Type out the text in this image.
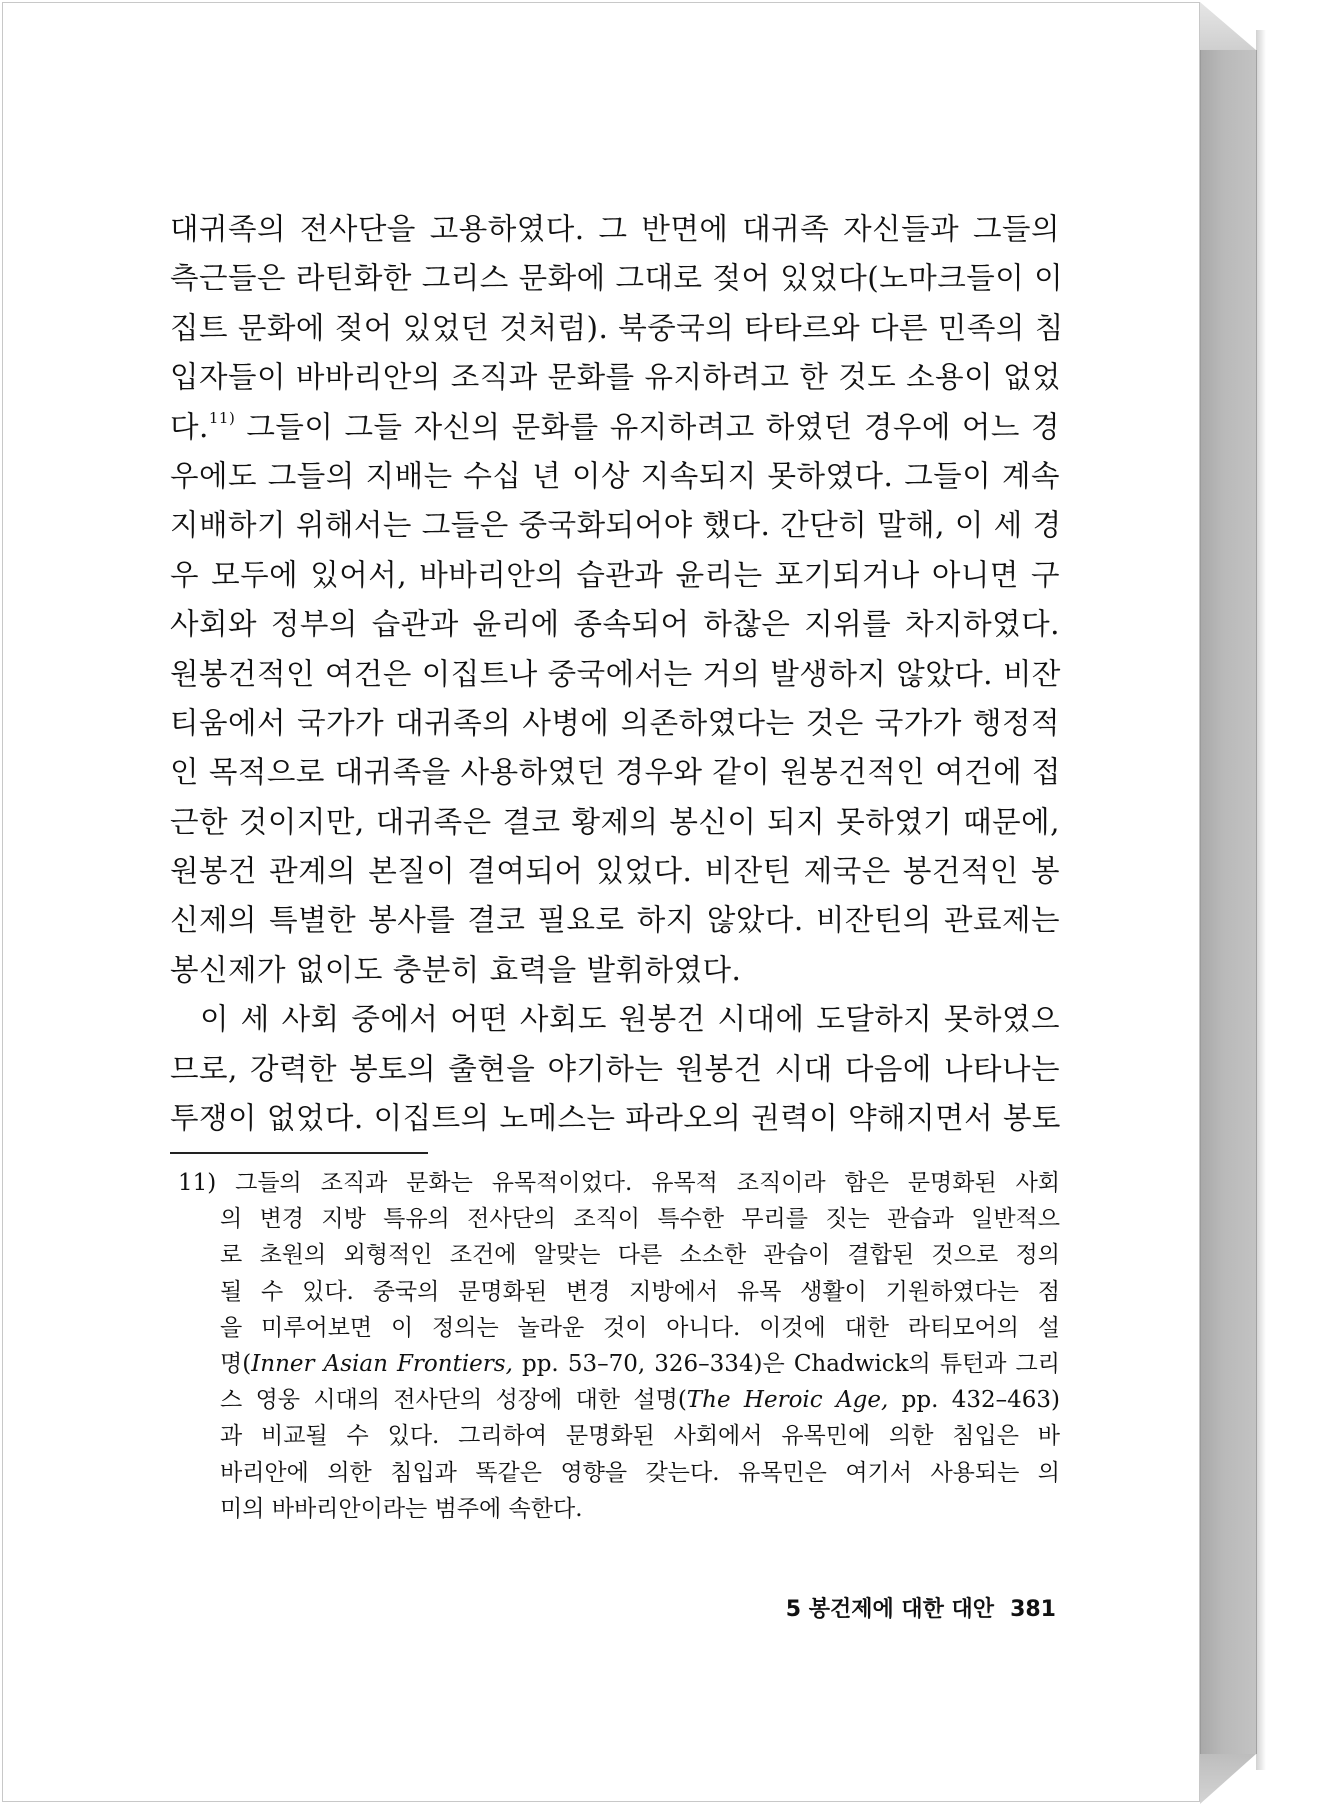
대귀족의 전사단을 고용하였다. 그 반면에 대귀족 자신들과 그들의
측근들은 라틴화한 그리스 문화에 그대로 젖어 있었다(노마크들이 이
집트 문화에 젖어 있었던 것처럼). 북중국의 타타르와 다른 민족의 침
입자들이 바바리안의 조직과 문화를 유지하려고 한 것도 소용이 없었
다.$^{11)}$ 그들이 그들 자신의 문화를 유지하려고 하였던 경우에 어느 경
우에도 그들의 지배는 수십 년 이상 지속되지 못하였다. 그들이 계속
지배하기 위해서는 그들은 중국화되어야 했다. 간단히 말해, 이 세 경
우 모두에 있어서, 바바리안의 습관과 윤리는 포기되거나 아니면 구
사회와 정부의 습관과 윤리에 종속되어 하찮은 지위를 차지하였다.
원봉건적인 여건은 이집트나 중국에서는 거의 발생하지 않았다. 비잔
티움에서 국가가 대귀족의 사병에 의존하였다는 것은 국가가 행정적
인 목적으로 대귀족을 사용하였던 경우와 같이 원봉건적인 여건에 접
근한 것이지만, 대귀족은 결코 황제의 봉신이 되지 못하였기 때문에,
원봉건 관계의 본질이 결여되어 있었다. 비잔틴 제국은 봉건적인 봉
신제의 특별한 봉사를 결코 필요로 하지 않았다. 비잔틴의 관료제는
봉신제가 없이도 충분히 효력을 발휘하였다.
이 세 사회 중에서 어떤 사회도 원봉건 시대에 도달하지 못하였으
므로, 강력한 봉토의 출현을 야기하는 원봉건 시대 다음에 나타나는
투쟁이 없었다. 이집트의 노메스는 파라오의 권력이 약해지면서 봉토
11) 그들의 조직과 문화는 유목적이었다. 유목적 조직이라 함은 문명화된 사회
의 변경 지방 특유의 전사단의 조직이 특수한 무리를 짓는 관습과 일반적으
로 초원의 외형적인 조건에 알맞는 다른 소소한 관습이 결합된 것으로 정의
될 수 있다. 중국의 문명화된 변경 지방에서 유목 생활이 기원하였다는 점
을 미루어보면 이 정의는 놀라운 것이 아니다. 이것에 대한 라티모어의 설
명(Inner Asian Frontiers, pp. 53–70, 326–334)은 Chadwick의 튜턴과 그리
스 영웅 시대의 전사단의 성장에 대한 설명(The Heroic Age, pp. 432–463)
과 비교될 수 있다. 그리하여 문명화된 사회에서 유목민에 의한 침입은 바
바리안에 의한 침입과 똑같은 영향을 갖는다. 유목민은 여기서 사용되는 의
미의 바바리안이라는 범주에 속한다.
5 봉건제에 대한 대안 381
